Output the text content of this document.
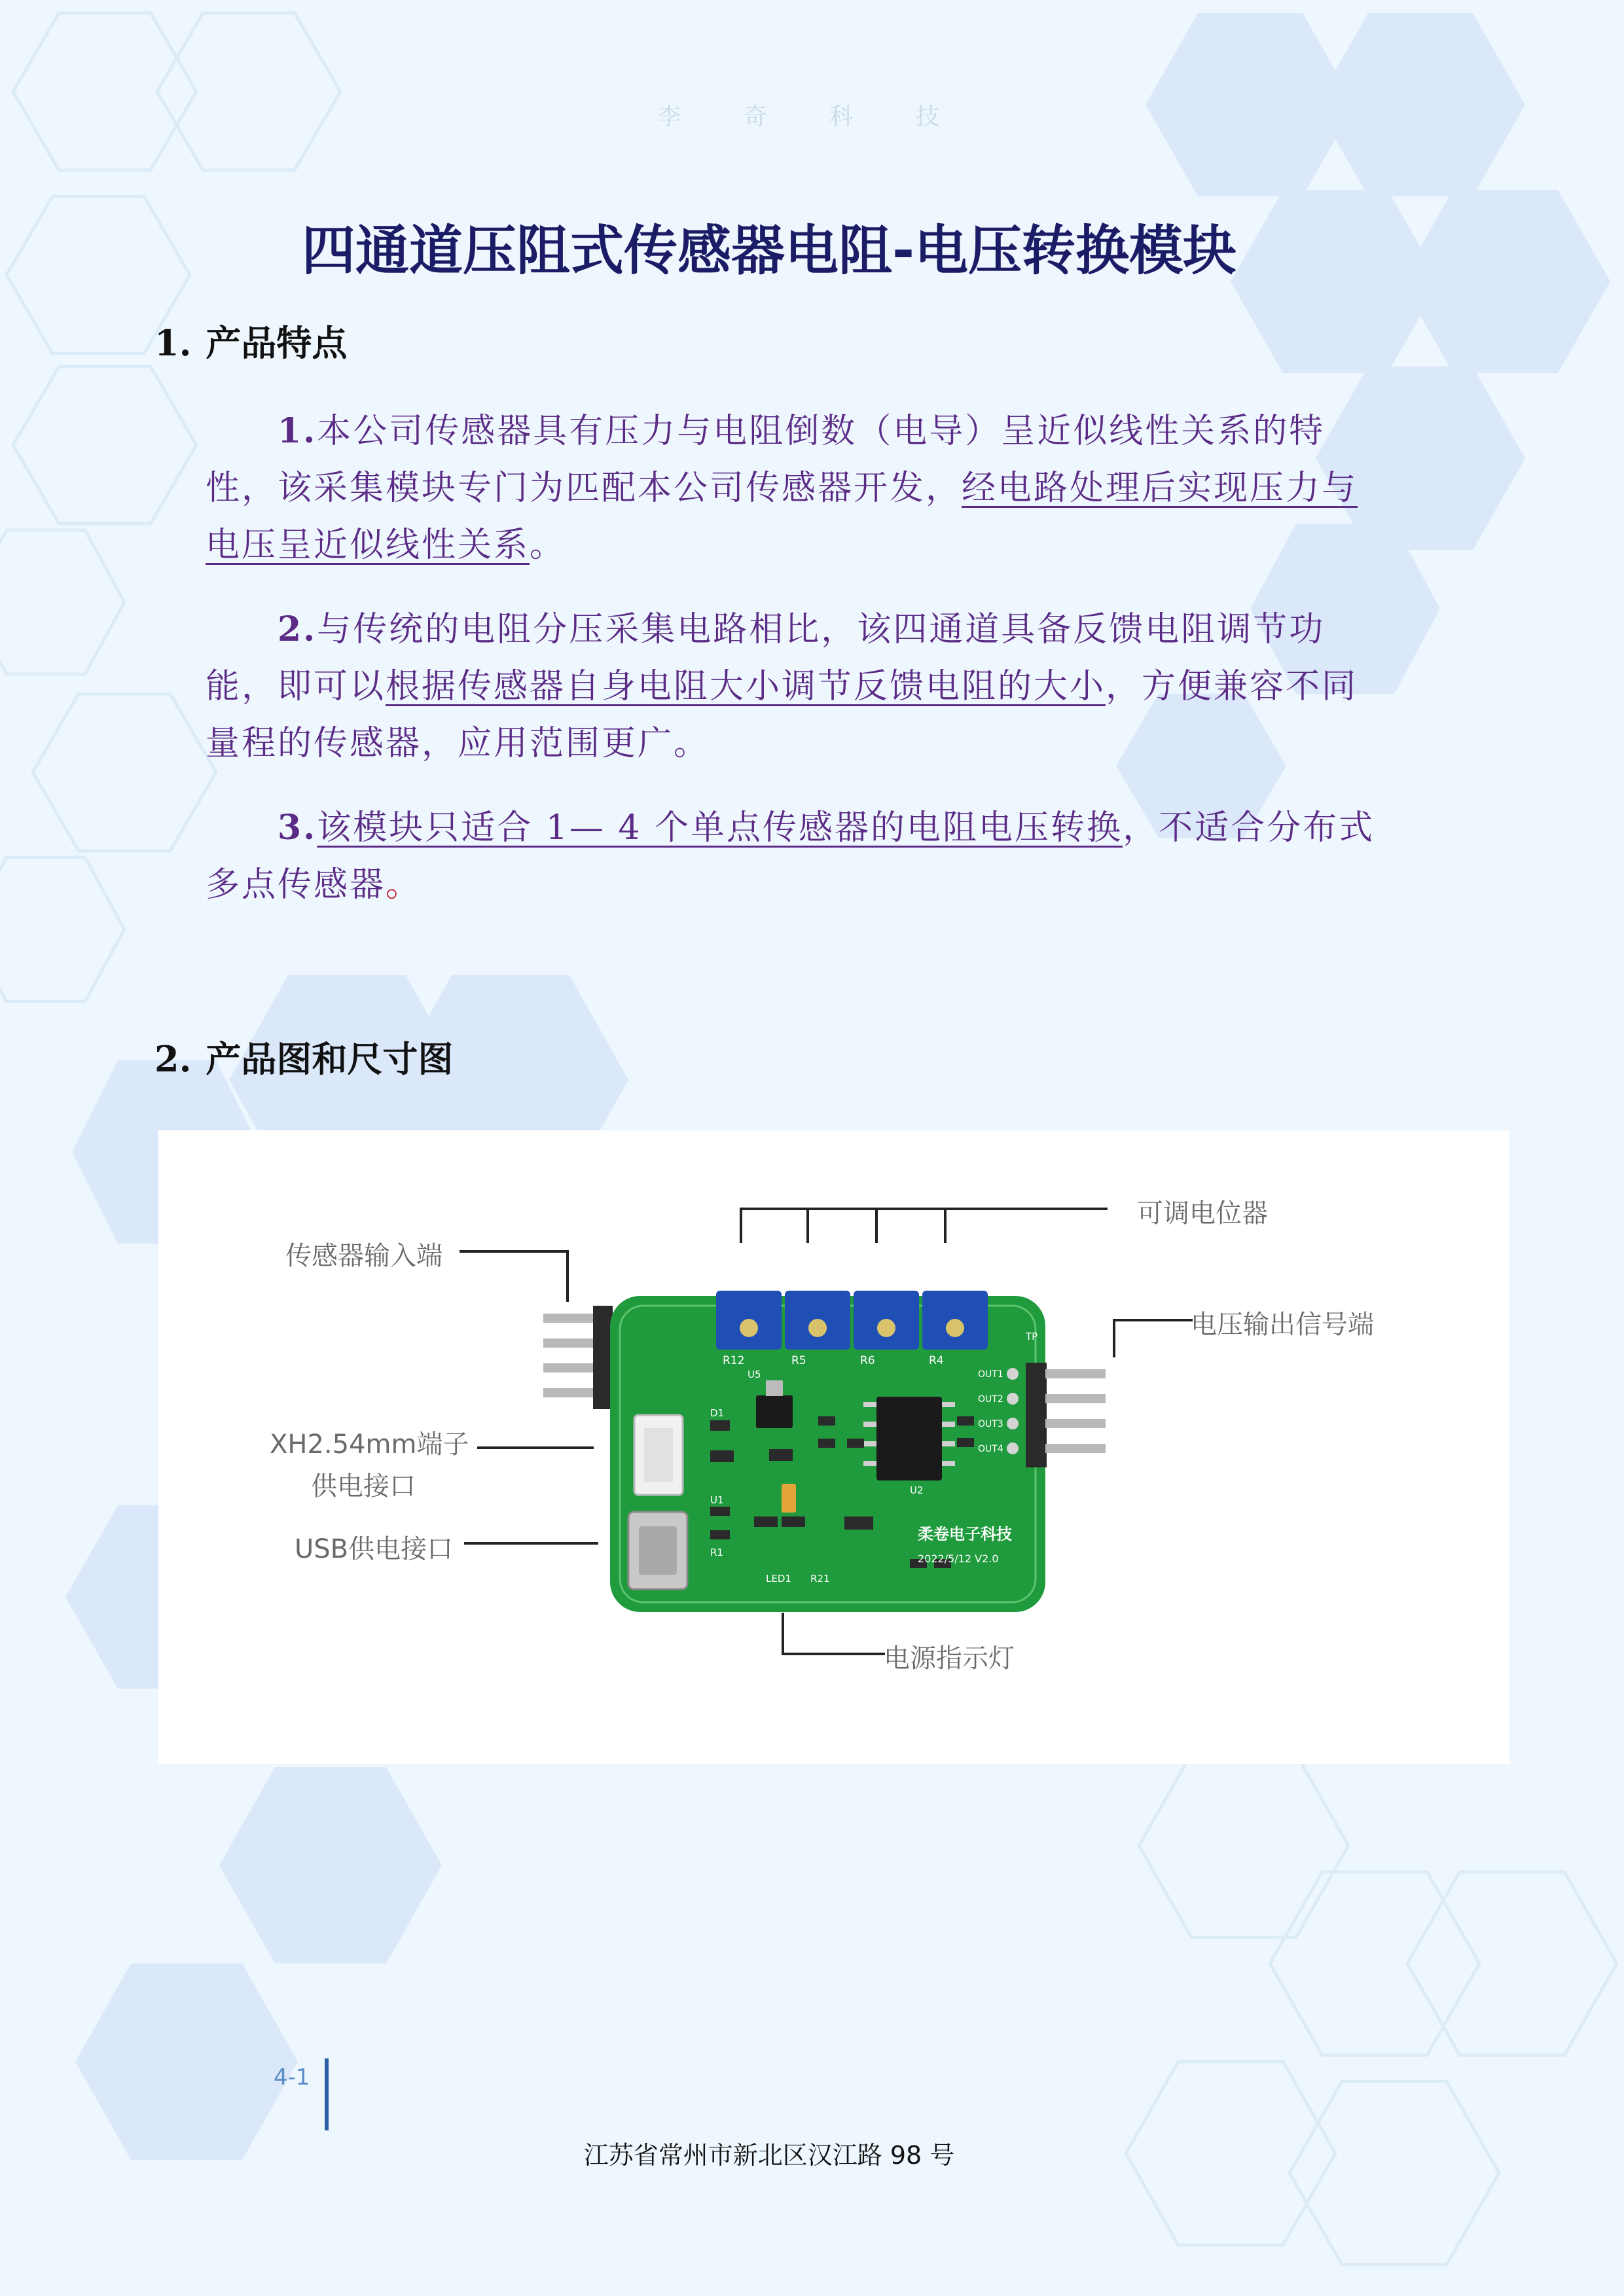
李 奇 科 技
四通道压阻式传感器电阻-电压转换模块
1. 产品特点
1.本公司传感器具有压力与电阻倒数（电导）呈近似线性关系的特性，该采集模块专门为匹配本公司传感器开发，经电路处理后实现压力与电压呈近似线性关系。
2.与传统的电阻分压采集电路相比，该四通道具备反馈电阻调节功能，即可以根据传感器自身电阻大小调节反馈电阻的大小，方便兼容不同量程的传感器，应用范围更广。
3.该模块只适合 1— 4 个单点传感器的电阻电压转换，不适合分布式多点传感器。
2. 产品图和尺寸图
R12	R5	R6	R4
OUT1
OUT2
OUT3
OUT4
U5
D1
U1
R1
LED1 R21
U2
TP
柔卷电子科技
2022/5/12 V2.0
传感器输入端
XH2.54mm端子
供电接口
USB供电接口
可调电位器
电压输出信号端
电源指示灯
4-1
江苏省常州市新北区汉江路 98 号
